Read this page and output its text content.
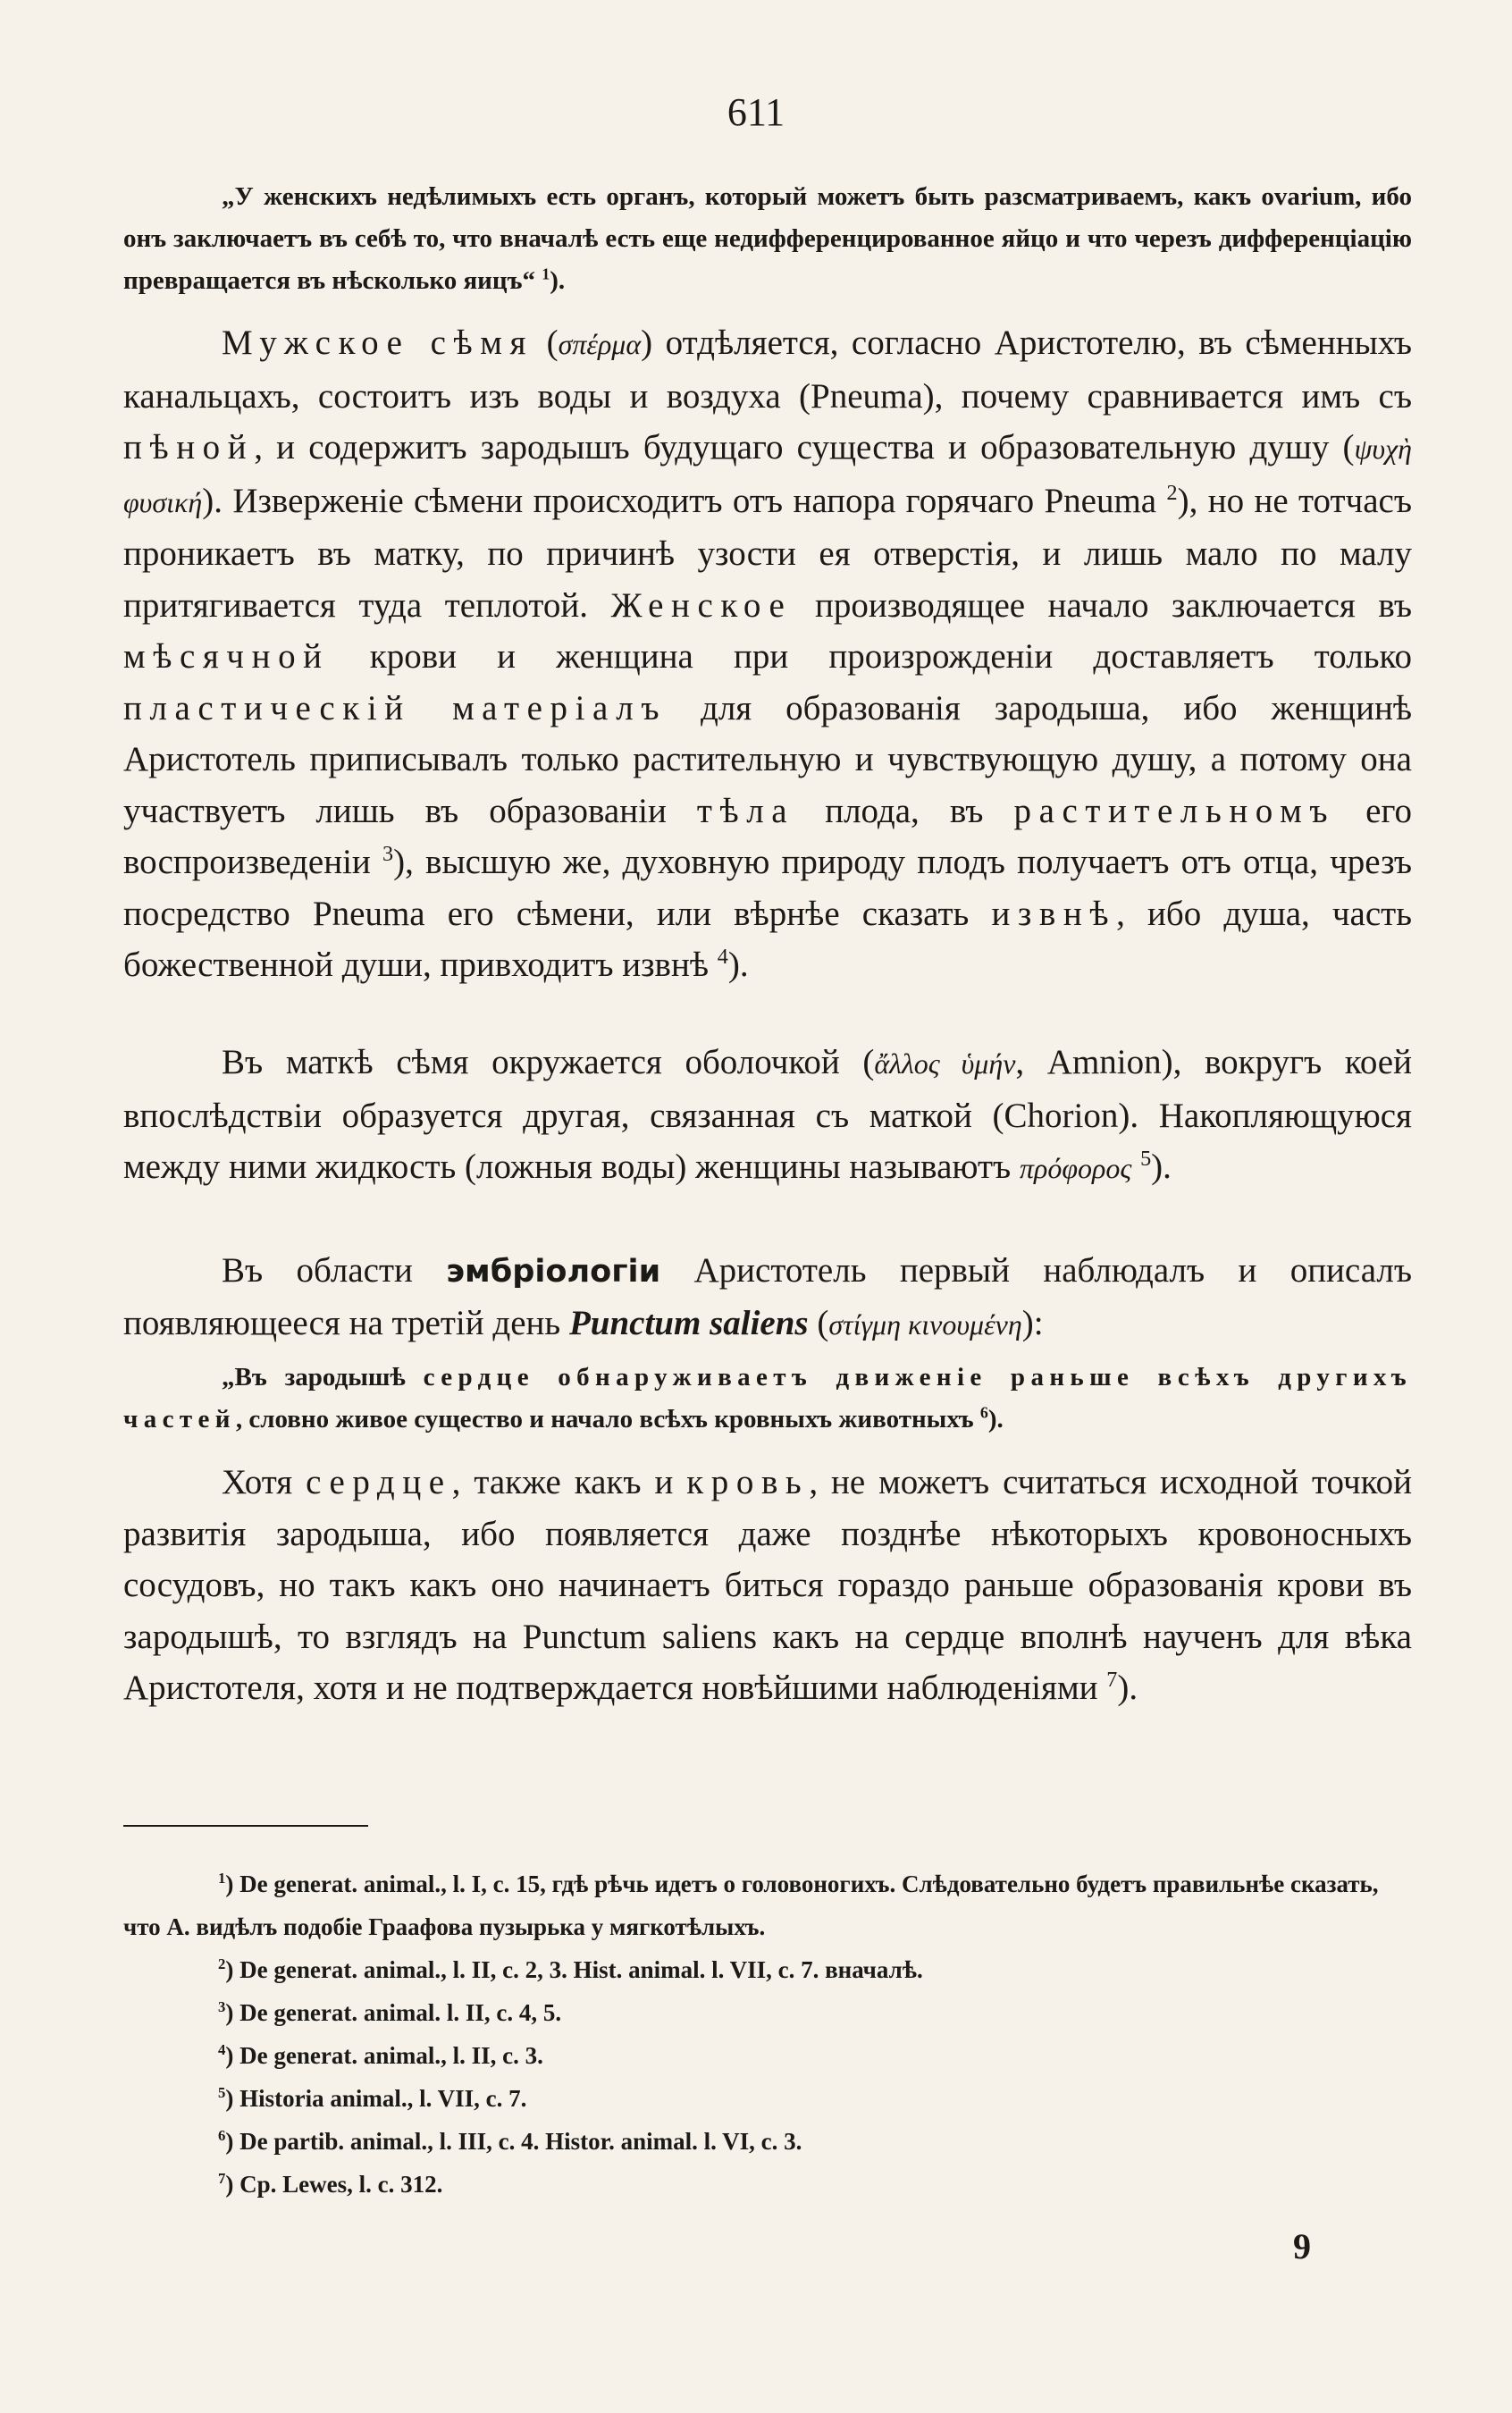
611
„У женскихъ недѣлимыхъ есть органъ, который можетъ быть разсматриваемъ, какъ ovarium, ибо онъ заключаетъ въ себѣ то, что вначалѣ есть еще недифференцированное яйцо и что черезъ дифференціацію превращается въ нѣсколько яицъ“ $^1$).
Мужское сѣмя (σπέρμα) отдѣляется, согласно Аристотелю, въ сѣменныхъ канальцахъ, состоитъ изъ воды и воздуха (Pneuma), почему сравнивается имъ съ пѣной, и содержитъ зародышъ будущаго существа и образовательную душу (ψυχὴ φυσική). Изверженіе сѣмени происходитъ отъ напора горячаго Pneuma $^2$), но не тотчасъ проникаетъ въ матку, по причинѣ узости ея отверстія, и лишь мало по малу притягивается туда теплотой. Женское производящее начало заключается въ мѣсячной крови и женщина при произрожденіи доставляетъ только пластическій матеріалъ для образованія зародыша, ибо женщинѣ Аристотель приписывалъ только растительную и чувствующую душу, а потому она участвуетъ лишь въ образованіи тѣла плода, въ растительномъ его воспроизведеніи $^3$), высшую же, духовную природу плодъ получаетъ отъ отца, чрезъ посредство Pneuma его сѣмени, или вѣрнѣе сказать извнѣ, ибо душа, часть божественной души, привходитъ извнѣ $^4$).
Въ маткѣ сѣмя окружается оболочкой (ἄλλος ὑμήν, Amnion), вокругъ коей впослѣдствіи образуется другая, связанная съ маткой (Chorion). Накопляющуюся между ними жидкость (ложныя воды) женщины называютъ πρόφορος $^5$).
Въ области эмбріологіи Аристотель первый наблюдалъ и описалъ появляющееся на третій день Punctum saliens (στίγμη κινουμένη):
„Въ зародышѣ сердце обнаруживаетъ движеніе раньше всѣхъ другихъ частей, словно живое существо и начало всѣхъ кровныхъ животныхъ $^6$).
Хотя сердце, также какъ и кровь, не можетъ считаться исходной точкой развитія зародыша, ибо появляется даже позднѣе нѣкоторыхъ кровоносныхъ сосудовъ, но такъ какъ оно начинаетъ биться гораздо раньше образованія крови въ зародышѣ, то взглядъ на Punctum saliens какъ на сердце вполнѣ наученъ для вѣка Аристотеля, хотя и не подтверждается новѣйшими наблюденіями $^7$).
$^1$) De generat. animal., l. I, c. 15, гдѣ рѣчь идетъ о головоногихъ. Слѣдовательно будетъ правильнѣе сказать, что А. видѣлъ подобіе Граафова пузырька у мягкотѣлыхъ.
$^2$) De generat. animal., l. II, c. 2, 3. Hist. animal. l. VII, c. 7. вначалѣ.
$^3$) De generat. animal. l. II, c. 4, 5.
$^4$) De generat. animal., l. II, c. 3.
$^5$) Historia animal., l. VII, c. 7.
$^6$) De partib. animal., l. III, c. 4. Histor. animal. l. VI, c. 3.
$^7$) Cp. Lewes, l. c. 312.
9
